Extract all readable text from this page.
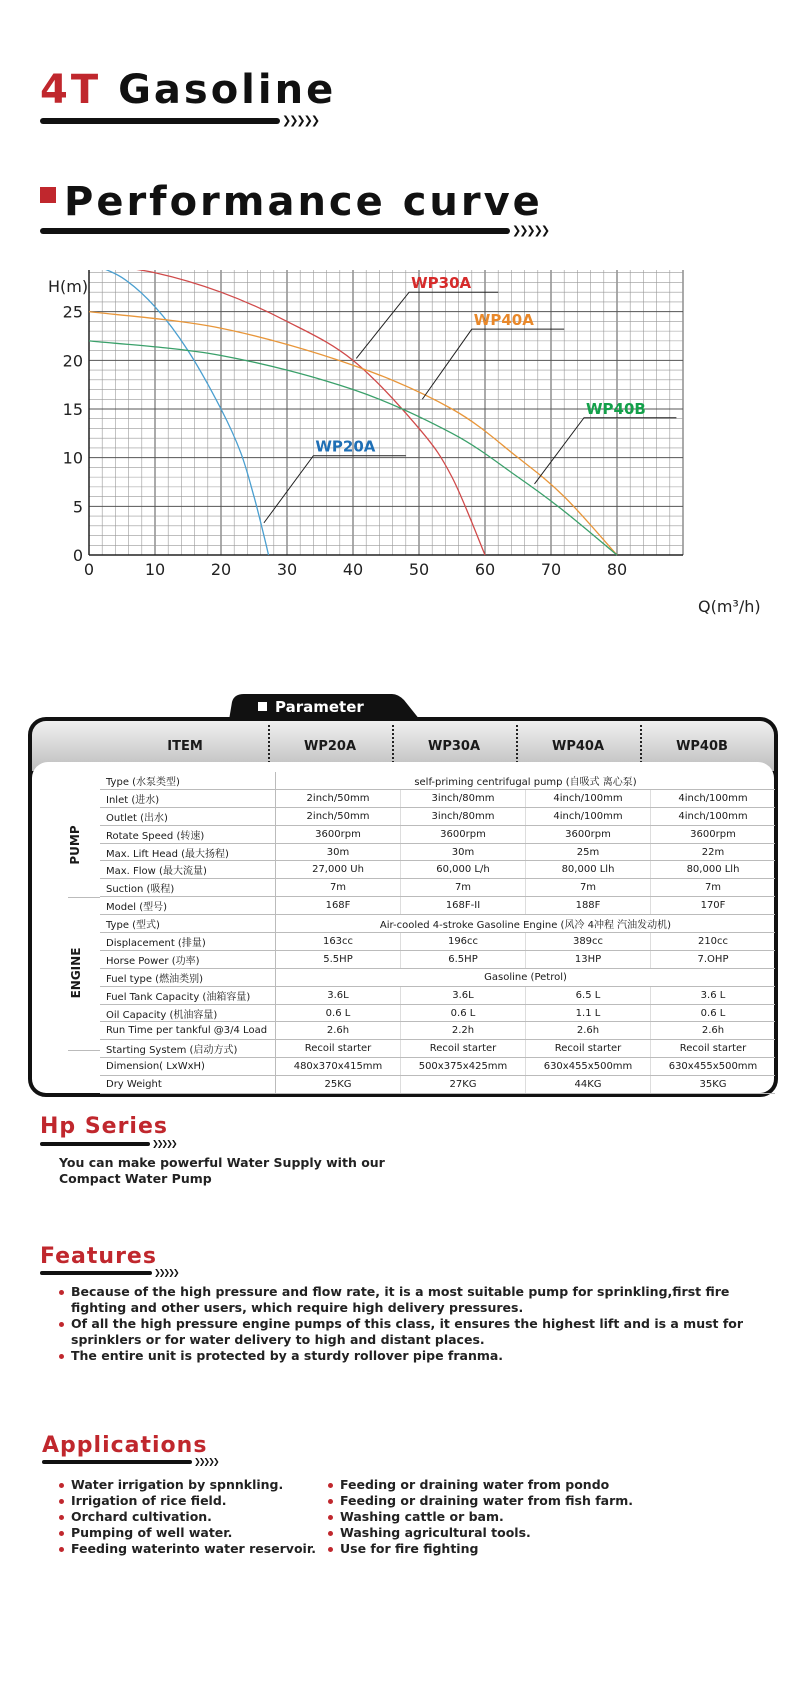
4T Gasoline
❯❯❯❯❯
Performance curve
❯❯❯❯❯
WP20A
WP30A
WP40A
WP40B
0	10	20	30	40	50	60	70	80
0
5
10
15
20
25
H(m)
Q(m³/h)
Parameter
ITEM	WP20A	WP30A	WP40A	WP40B
Type (水泵类型)	self-priming centrifugal pump (自吸式 离心泵)			
Inlet (进水)	2inch/50mm	3inch/80mm	4inch/100mm	4inch/100mm
Outlet (出水)	2inch/50mm	3inch/80mm	4inch/100mm	4inch/100mm
Rotate Speed (转速)	3600rpm	3600rpm	3600rpm	3600rpm
Max. Lift Head (最大扬程)	30m	30m	25m	22m
Max. Flow (最大流量)	27,000 Uh	60,000 L/h	80,000 Llh	80,000 Llh
Suction (吸程)	7m	7m	7m	7m
Model (型号)	168F	168F-II	188F	170F
Type (型式)	Air-cooled 4-stroke Gasoline Engine (风冷 4冲程 汽油发动机)			
Displacement (排量)	163cc	196cc	389cc	210cc
Horse Power (功率)	5.5HP	6.5HP	13HP	7.OHP
Fuel type (燃油类别)	Gasoline (Petrol)			
Fuel Tank Capacity (油箱容量)	3.6L	3.6L	6.5 L	3.6 L
Oil Capacity (机油容量)	0.6 L	0.6 L	1.1 L	0.6 L
Run Time per tankful @3/4 Load	2.6h	2.2h	2.6h	2.6h
Starting System (启动方式)	Recoil starter	Recoil starter	Recoil starter	Recoil starter
Dimension( LxWxH)	480x370x415mm	500x375x425mm	630x455x500mm	630x455x500mm
Dry Weight	25KG	27KG	44KG	35KG
PUMP
ENGINE
Hp Series
❯❯❯❯❯
You can make powerful Water Supply with our
Compact Water Pump
Features
❯❯❯❯❯
Because of the high pressure and flow rate, it is a most suitable pump for sprinkling,first fire fighting and other users, which require high delivery pressures.
Of all the high pressure engine pumps of this class, it ensures the highest lift and is a must for sprinklers or for water delivery to high and distant places.
The entire unit is protected by a sturdy rollover pipe franma.
Applications
❯❯❯❯❯
Water irrigation by spnnkling.
Irrigation of rice field.
Orchard cultivation.
Pumping of well water.
Feeding waterinto water reservoir.
Feeding or draining water from pondo
Feeding or draining water from fish farm.
Washing cattle or bam.
Washing agricultural tools.
Use for fire fighting
